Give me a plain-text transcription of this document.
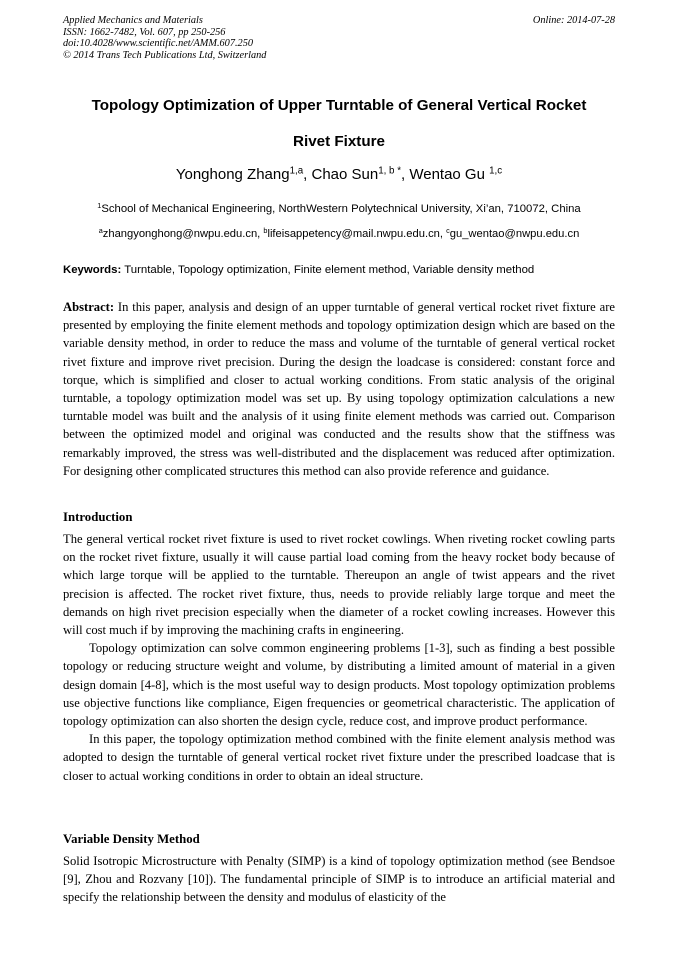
Applied Mechanics and Materials
ISSN: 1662-7482, Vol. 607, pp 250-256
doi:10.4028/www.scientific.net/AMM.607.250
© 2014 Trans Tech Publications Ltd, Switzerland
Online: 2014-07-28
Topology Optimization of Upper Turntable of General Vertical Rocket
Rivet Fixture
Yonghong Zhang$^{1,a}$, Chao Sun$^{1, b *}$, Wentao Gu $^{1,c}$
$^1$School of Mechanical Engineering, NorthWestern Polytechnical University, Xi’an, 710072, China
$^a$zhangyonghong@nwpu.edu.cn, $^b$lifeisappetency@mail.nwpu.edu.cn, $^c$gu_wentao@nwpu.edu.cn
Keywords: Turntable, Topology optimization, Finite element method, Variable density method

Abstract: In this paper, analysis and design of an upper turntable of general vertical rocket rivet fixture are presented by employing the finite element methods and topology optimization design which are based on the variable density method, in order to reduce the mass and volume of the turntable of general vertical rocket rivet fixture and improve rivet precision. During the design the loadcase is considered: constant force and torque, which is simplified and closer to actual working conditions. From static analysis of the original turntable, a topology optimization model was set up. By using topology optimization calculations a new turntable model was built and the analysis of it using finite element methods was carried out. Comparison between the optimized model and original was conducted and the results show that the stiffness was remarkably improved, the stress was well-distributed and the displacement was reduced after optimization. For designing other complicated structures this method can also provide reference and guidance.

Introduction

The general vertical rocket rivet fixture is used to rivet rocket cowlings. When riveting rocket cowling parts on the rocket rivet fixture, usually it will cause partial load coming from the heavy rocket body because of which large torque will be applied to the turntable. Thereupon an angle of twist appears and the rivet precision is affected. The rocket rivet fixture, thus, needs to provide reliably large torque and meet the demands on high rivet precision especially when the diameter of a rocket cowling increases. However this will cost much if by improving the machining crafts in engineering.

Topology optimization can solve common engineering problems [1-3], such as finding a best possible topology or reducing structure weight and volume, by distributing a limited amount of material in a given design domain [4-8], which is the most useful way to design products. Most topology optimization problems use objective functions like compliance, Eigen frequencies or geometrical characteristic. The application of topology optimization can also shorten the design cycle, reduce cost, and improve product performance.

In this paper, the topology optimization method combined with the finite element analysis method was adopted to design the turntable of general vertical rocket rivet fixture under the prescribed loadcase that is closer to actual working conditions in order to obtain an ideal structure.

Variable Density Method

Solid Isotropic Microstructure with Penalty (SIMP) is a kind of topology optimization method (see Bendsoe [9], Zhou and Rozvany [10]). The fundamental principle of SIMP is to introduce an artificial material and specify the relationship between the density and modulus of elasticity of the
